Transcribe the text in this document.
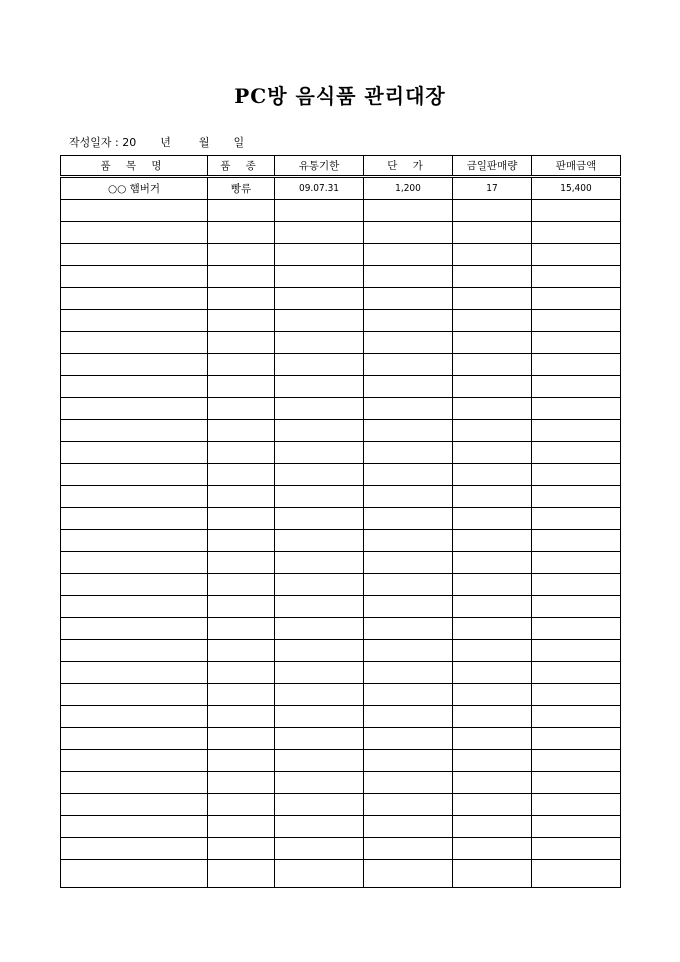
PC방 음식품 관리대장
작성일자 : 20 년	월 일
품 목 명	품 종	유통기한	단 가	금일판매량	판매금액
○○ 햄버거	빵류	09.07.31	1,200	17	15,400
